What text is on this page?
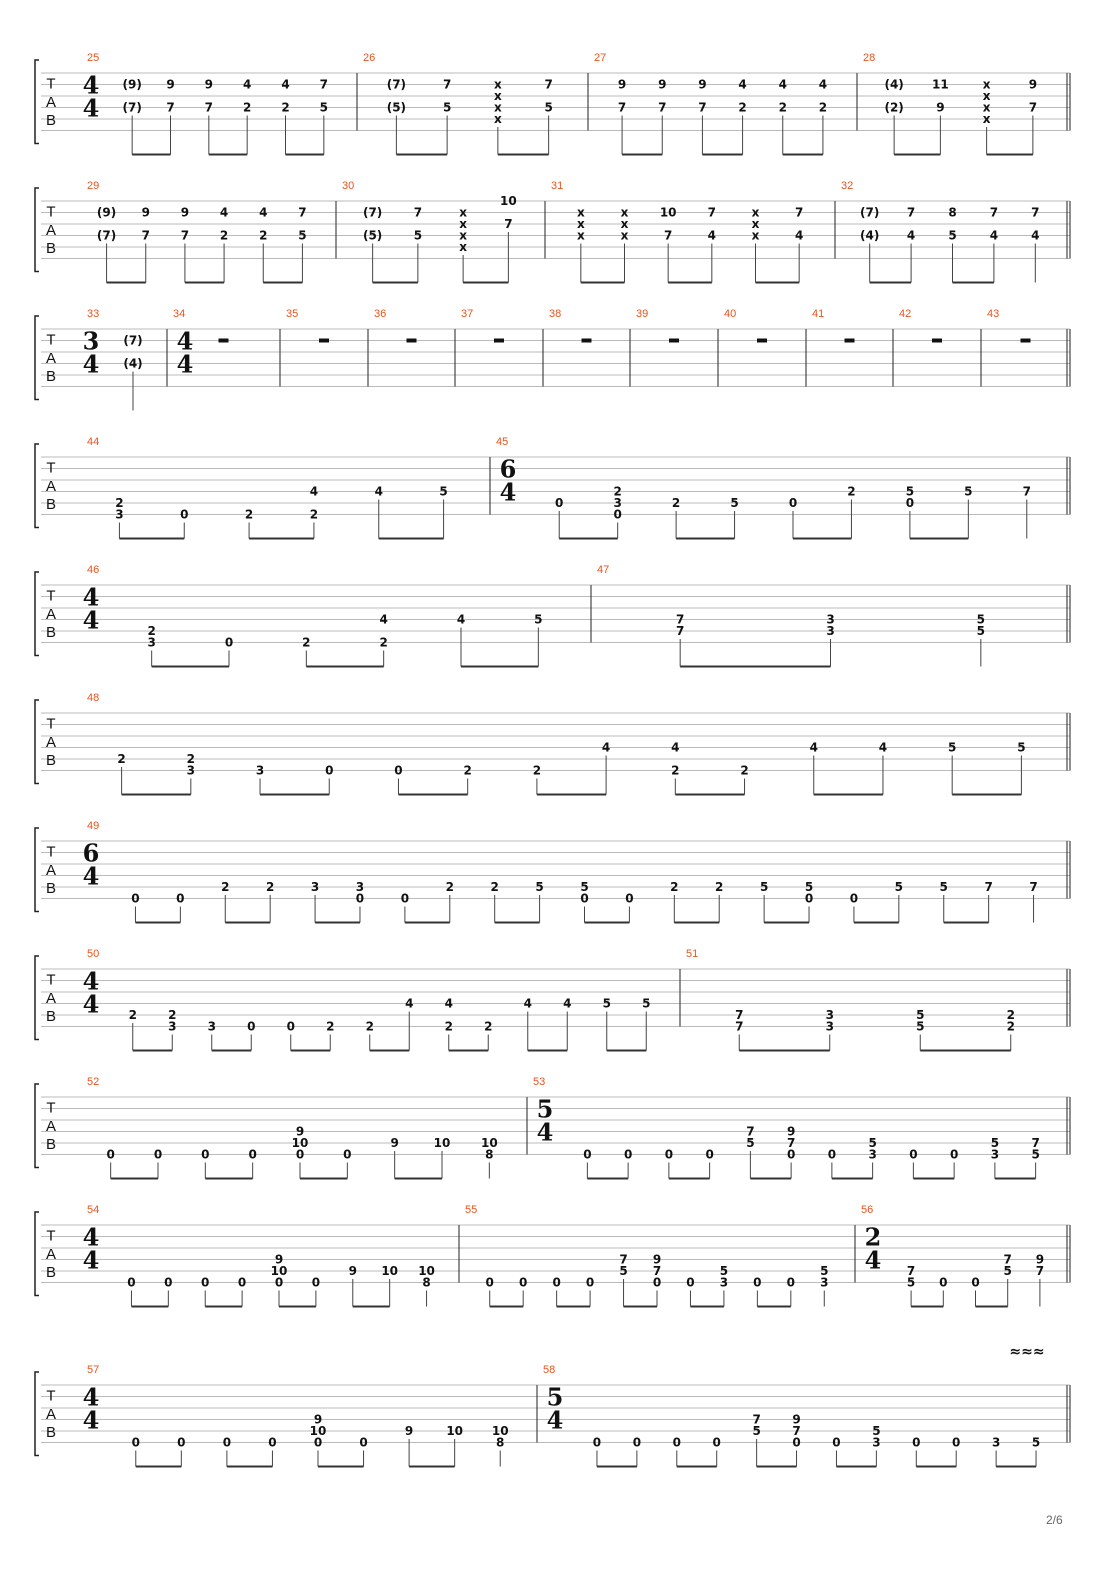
T
A
B
25
4
4
(9)
(7)
9
7
9
7
4
2
4
2
7
5
26
(7)
(5)
7
5
x
x
x
x
7
5
27
9
7
9
7
9
7
4
2
4
2
4
2
28
(4)
(2)
11
9
x
x
x
x
9
7
T
A
B
29
(9)
(7)
9
7
9
7
4
2
4
2
7
5
30
(7)
(5)
7
5
x
x
x
x
10
7
31
x
x
x
x
x
x
10
7
7
4
x
x
x
7
4
32
(7)
(4)
7
4
8
5
7
4
7
4
T
A
B
33
3
4
(7)
(4)
34
4
4
35	36	37	38	39	40	41	42	43
T
A
B
44
2
3	0	2
4
2
4	5
45
6
4	0
2
3
0
2	5	0
2	5
0
5	7
T
A
B
46
4
4	2
3	0	2
4
2
4	5
47
7
7
3
3
5
5
T
A
B
48
2	2
3	3	0	0	2	2
4	4
2	2
4	4	5	5
T
A
B
49
6
4
0	0
2	2	3	3
0	0
2	2	5	5
0	0
2	2	5	5
0	0
5	5	7	7
T
A
B
50
4
4 2	2
3	3	0	0	2	2
4	4
2	2
4	4	5	5
51
7
7
3
3
5
5
2
2
T
A
B
52
0	0	0	0
9
10
0	0
9	10	10
8
53
5
4
0	0	0	0
7
5
9
7
0	0
5
3	0	0
5
3
7
5
T
A
B
54
4
4
0 0 0 0
9
10
0 0
9 10 10
8
55
0 0 0 0
7
5
9
7
0 0
5
3 0 0
5
3
56
2
4 7
5 0 0
7
5
9
7
T
A
B
57
4
4
0	0	0	0
9
10
0	0
9	10 10
8
58
5
4
0	0	0	0
7
5
9
7
0	0
5
3	0	0	3	5
≈≈≈
2/6
